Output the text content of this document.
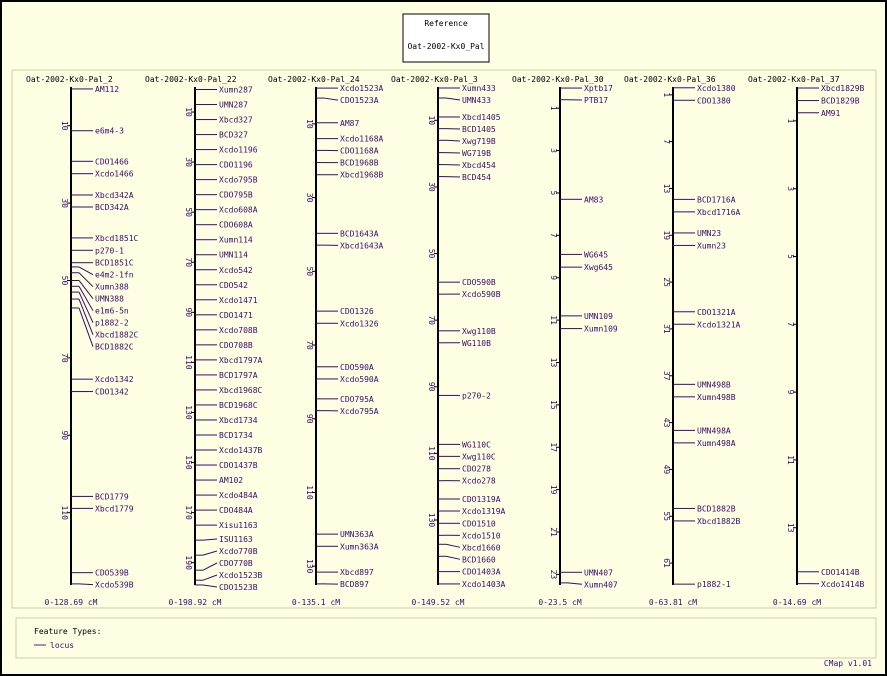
Reference
Oat-2002-Kx0_Pal
Oat-2002-Kx0-Pal_2
10
30
50
70
90
110
AM112
e6m4-3
CDO1466
Xcdo1466
Xbcd342A
BCD342A
Xbcd1851C
p270-1
BCD1851C
e4m2-1fn
Xumn388
UMN388
e1m6-5n
p1882-2
Xbcd1882C
BCD1882C
Xcdo1342
CDO1342
BCD1779
Xbcd1779
CDO539B
Xcdo539B
0-128.69 cM
Oat-2002-Kx0-Pal_22
10
30
50
70
90
110
130
150
170
190
Xumn287
UMN287
Xbcd327
BCD327
Xcdo1196
CDO1196
Xcdo795B
CDO795B
Xcdo608A
CDO608A
Xumn114
UMN114
Xcdo542
CDO542
Xcdo1471
CDO1471
Xcdo708B
CDO708B
Xbcd1797A
BCD1797A
Xbcd1968C
BCD1968C
Xbcd1734
BCD1734
Xcdo1437B
CDO1437B
AM102
Xcdo484A
CDO484A
Xisu1163
ISU1163
Xcdo770B
CDO770B
Xcdo1523B
CDO1523B
0-198.92 cM
Oat-2002-Kx0-Pal_24
10
30
50
70
90
110
130
Xcdo1523A
CDO1523A
AM87
Xcdo1168A
CDO1168A
BCD1968B
Xbcd1968B
BCD1643A
Xbcd1643A
CDO1326
Xcdo1326
CDO590A
Xcdo590A
CDO795A
Xcdo795A
UMN363A
Xumn363A
Xbcd897
BCD897
0-135.1 cM
Oat-2002-Kx0-Pal_3
10
30
50
70
90
110
130
Xumn433
UMN433
Xbcd1405
BCD1405
Xwg719B
WG719B
Xbcd454
BCD454
CDO590B
Xcdo590B
Xwg110B
WG110B
p270-2
WG110C
Xwg110C
CDO278
Xcdo278
CDO1319A
Xcdo1319A
CDO1510
Xcdo1510
Xbcd1660
BCD1660
CDO1403A
Xcdo1403A
0-149.52 cM
Oat-2002-Kx0-Pal_30
1
3
5
7
9
11
13
15
17
19
21
23
Xptb17
PTB17
AM83
WG645
Xwg645
UMN109
Xumn109
UMN407
Xumn407
0-23.5 cM
Oat-2002-Kx0-Pal_36
1
7
13
19
25
31
37
43
49
55
61
Xcdo1380
CDO1380
BCD1716A
Xbcd1716A
UMN23
Xumn23
CDO1321A
Xcdo1321A
UMN498B
Xumn498B
UMN498A
Xumn498A
BCD1882B
Xbcd1882B
p1882-1
0-63.81 cM
Oat-2002-Kx0-Pal_37
1
3
5
7
9
11
13
Xbcd1829B
BCD1829B
AM91
CDO1414B
Xcdo1414B
0-14.69 cM
Feature Types:
locus
CMap v1.01
